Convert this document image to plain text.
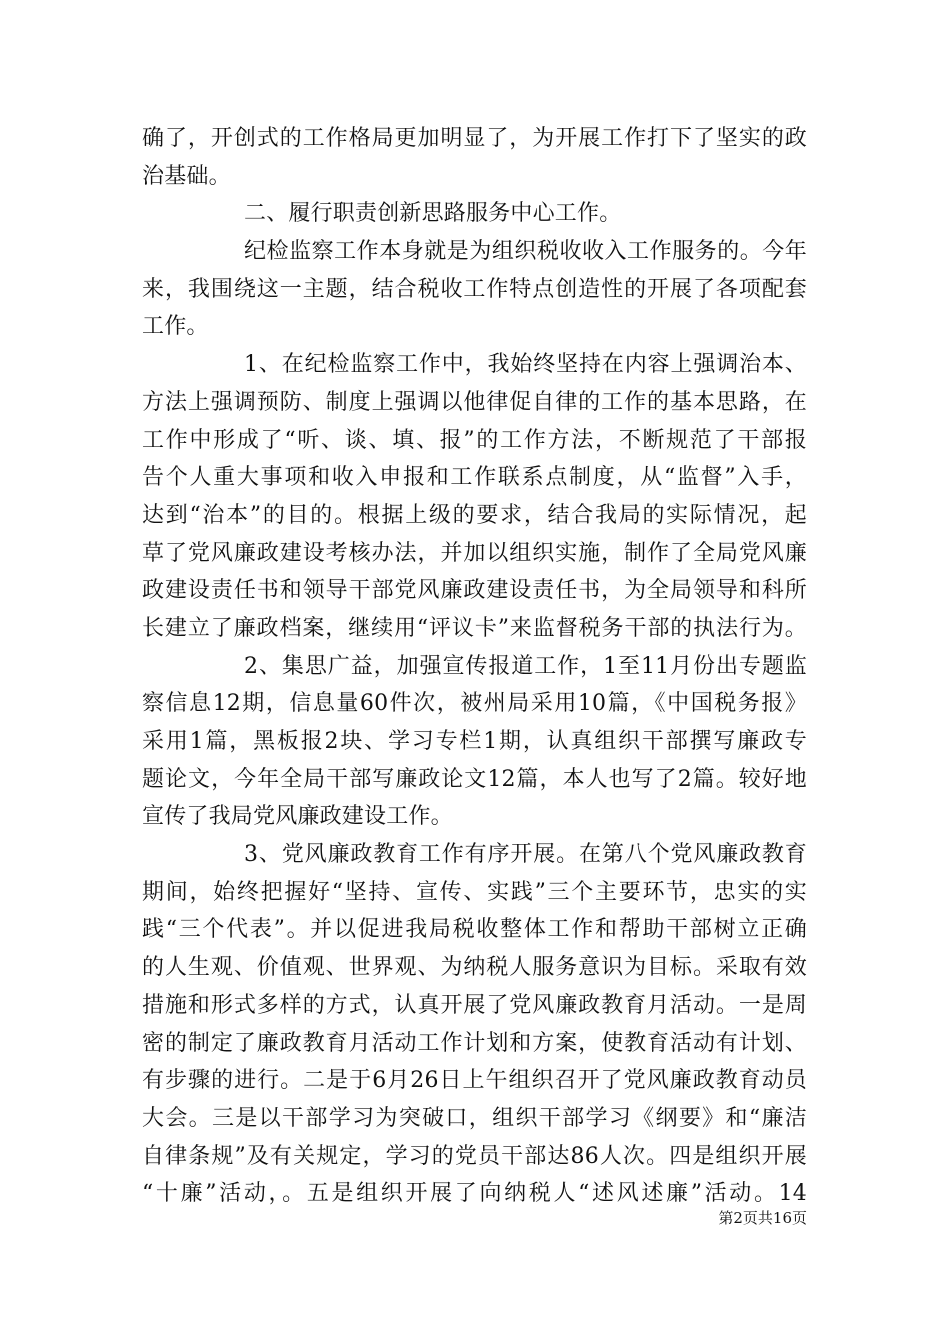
确了，开创式的工作格局更加明显了，为开展工作打下了坚实的政
治基础。
二、履行职责创新思路服务中心工作。
纪检监察工作本身就是为组织税收收入工作服务的。今年
来，我围绕这一主题，结合税收工作特点创造性的开展了各项配套
工作。
1、在纪检监察工作中，我始终坚持在内容上强调治本、
方法上强调预防、制度上强调以他律促自律的工作的基本思路，在
工作中形成了“听、谈、填、报”的工作方法，不断规范了干部报
告个人重大事项和收入申报和工作联系点制度，从“监督”入手，
达到“治本”的目的。根据上级的要求，结合我局的实际情况，起
草了党风廉政建设考核办法，并加以组织实施，制作了全局党风廉
政建设责任书和领导干部党风廉政建设责任书，为全局领导和科所
长建立了廉政档案，继续用“评议卡”来监督税务干部的执法行为。
2、集思广益，加强宣传报道工作，1至11月份出专题监
察信息12期，信息量60件次，被州局采用10篇，《中国税务报》
采用1篇，黑板报2块、学习专栏1期，认真组织干部撰写廉政专
题论文，今年全局干部写廉政论文12篇，本人也写了2篇。较好地
宣传了我局党风廉政建设工作。
3、党风廉政教育工作有序开展。在第八个党风廉政教育
期间，始终把握好“坚持、宣传、实践”三个主要环节，忠实的实
践“三个代表”。并以促进我局税收整体工作和帮助干部树立正确
的人生观、价值观、世界观、为纳税人服务意识为目标。采取有效
措施和形式多样的方式，认真开展了党风廉政教育月活动。一是周
密的制定了廉政教育月活动工作计划和方案，使教育活动有计划、
有步骤的进行。二是于6月26日上午组织召开了党风廉政教育动员
大会。三是以干部学习为突破口，组织干部学习《纲要》和“廉洁
自律条规”及有关规定，学习的党员干部达86人次。四是组织开展
“十廉”活动，。五是组织开展了向纳税人“述风述廉”活动。14
第2页共16页
